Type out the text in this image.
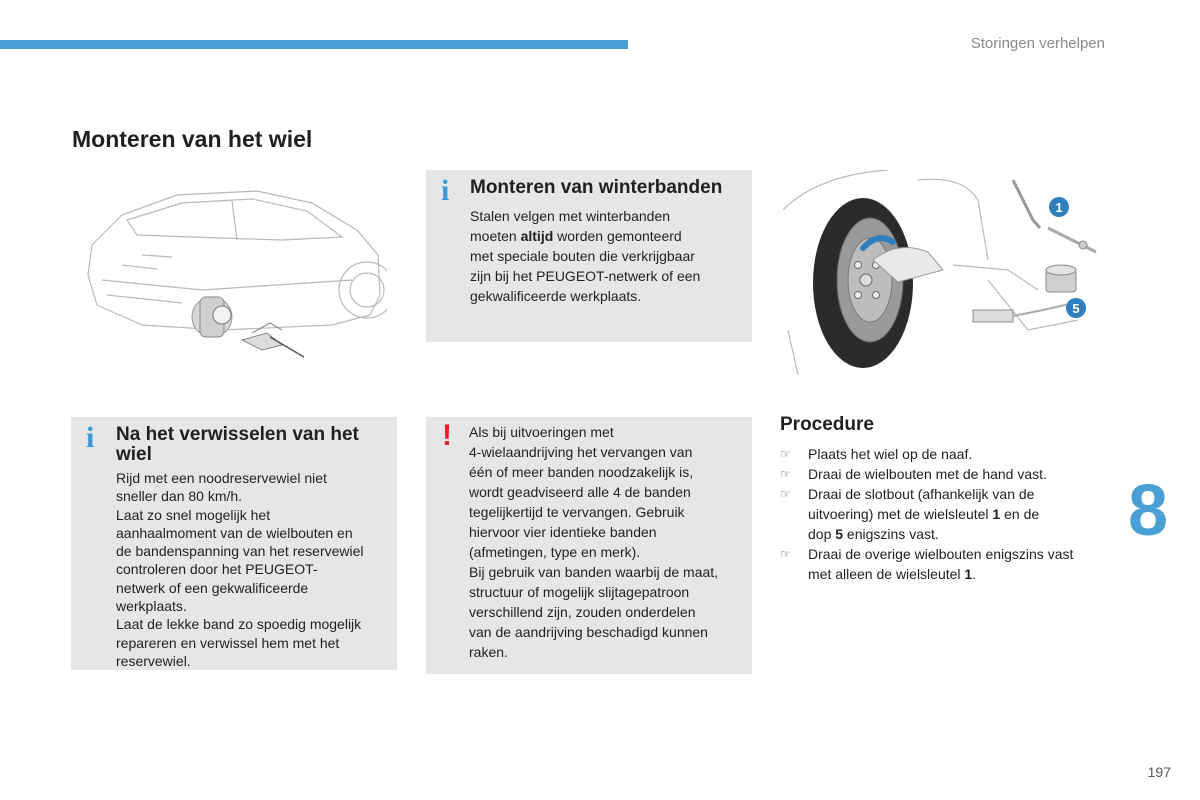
Storingen verhelpen
Monteren van het wiel
1
5
i Monteren van winterbanden
Stalen velgen met winterbanden
moeten altijd worden gemonteerd
met speciale bouten die verkrijgbaar
zijn bij het PEUGEOT-netwerk of een
gekwalificeerde werkplaats.
i Na het verwisselen van het
wiel
Rijd met een noodreservewiel niet
sneller dan 80 km/h.
Laat zo snel mogelijk het
aanhaalmoment van de wielbouten en
de bandenspanning van het reservewiel
controleren door het PEUGEOT-
netwerk of een gekwalificeerde
werkplaats.
Laat de lekke band zo spoedig mogelijk
repareren en verwissel hem met het
reservewiel.
! Als bij uitvoeringen met
4-wielaandrijving het vervangen van
één of meer banden noodzakelijk is,
wordt geadviseerd alle 4 de banden
tegelijkertijd te vervangen. Gebruik
hiervoor vier identieke banden
(afmetingen, type en merk).
Bij gebruik van banden waarbij de maat,
structuur of mogelijk slijtagepatroon
verschillend zijn, zouden onderdelen
van de aandrijving beschadigd kunnen
raken.
Procedure
☞ Plaats het wiel op de naaf.
☞ Draai de wielbouten met de hand vast.
☞ Draai de slotbout (afhankelijk van de
uitvoering) met de wielsleutel 1 en de
dop 5 enigszins vast.
☞ Draai de overige wielbouten enigszins vast
met alleen de wielsleutel 1.
8
197
